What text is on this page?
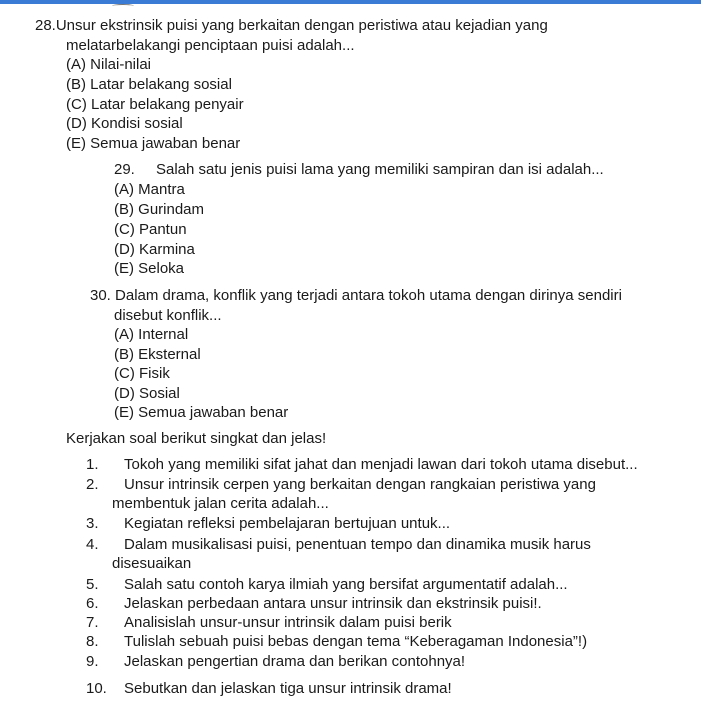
28.Unsur ekstrinsik puisi yang berkaitan dengan peristiwa atau kejadian yang
melatarbelakangi penciptaan puisi adalah...
(A) Nilai-nilai
(B) Latar belakang sosial
(C) Latar belakang penyair
(D) Kondisi sosial
(E) Semua jawaban benar
29. Salah satu jenis puisi lama yang memiliki sampiran dan isi adalah...
(A) Mantra
(B) Gurindam
(C) Pantun
(D) Karmina
(E) Seloka
30. Dalam drama, konflik yang terjadi antara tokoh utama dengan dirinya sendiri
disebut konflik...
(A) Internal
(B) Eksternal
(C) Fisik
(D) Sosial
(E) Semua jawaban benar
Kerjakan soal berikut singkat dan jelas!
1. Tokoh yang memiliki sifat jahat dan menjadi lawan dari tokoh utama disebut...
2. Unsur intrinsik cerpen yang berkaitan dengan rangkaian peristiwa yang
membentuk jalan cerita adalah...
3. Kegiatan refleksi pembelajaran bertujuan untuk...
4. Dalam musikalisasi puisi, penentuan tempo dan dinamika musik harus
disesuaikan
5. Salah satu contoh karya ilmiah yang bersifat argumentatif adalah...
6. Jelaskan perbedaan antara unsur intrinsik dan ekstrinsik puisi!.
7. Analisislah unsur-unsur intrinsik dalam puisi berik
8. Tulislah sebuah puisi bebas dengan tema “Keberagaman Indonesia”!)
9. Jelaskan pengertian drama dan berikan contohnya!
10. Sebutkan dan jelaskan tiga unsur intrinsik drama!
